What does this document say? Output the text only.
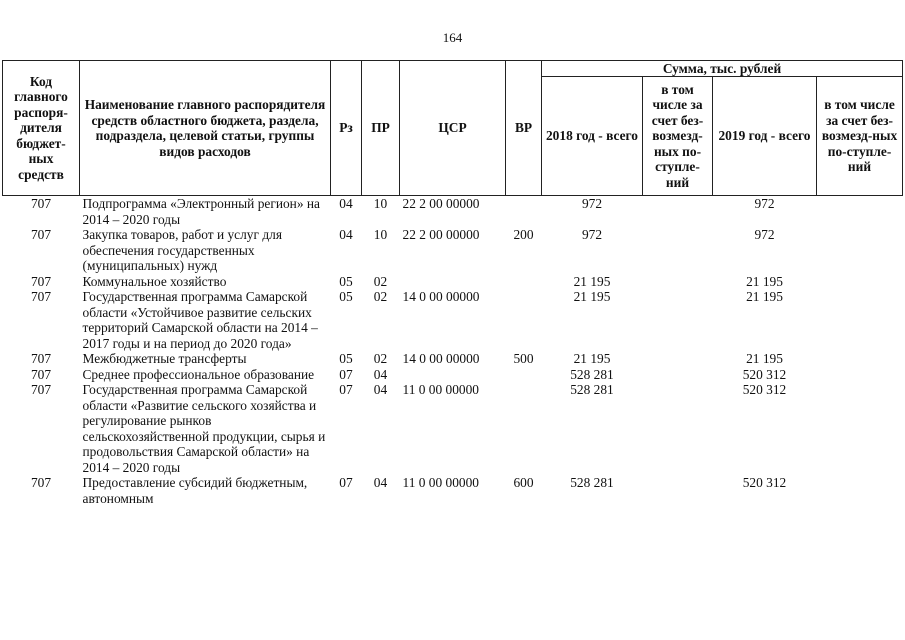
164
Код главного распоря-дителя бюджет-ных средств	Наименование главного распорядителя средств областного бюджета, раздела, подраздела, целевой статьи, группы видов расходов	Рз	ПР	ЦСР	ВР	Сумма, тыс. рублей			
						2018 год - всего	в том числе за счет без-возмезд-ных по-ступле-ний	2019 год - всего	в том числе за счет без-возмезд-ных по-ступле-ний
707	Подпрограмма «Электронный регион» на 2014 – 2020 годы	04	10	22 2 00 00000		972		972	
707	Закупка товаров, работ и услуг для обеспечения государственных (муниципальных) нужд	04	10	22 2 00 00000	200	972		972	
707	Коммунальное хозяйство	05	02			21 195		21 195	
707	Государственная программа Самарской области «Устойчивое развитие сельских территорий Самарской области на 2014 – 2017 годы и на период до 2020 года»	05	02	14 0 00 00000		21 195		21 195	
707	Межбюджетные трансферты	05	02	14 0 00 00000	500	21 195		21 195	
707	Среднее профессиональное образование	07	04			528 281		520 312	
707	Государственная программа Самарской области «Развитие сельского хозяйства и регулирование рынков сельскохозяйственной продукции, сырья и продовольствия Самарской области» на 2014 – 2020 годы	07	04	11 0 00 00000		528 281		520 312	
707	Предоставление субсидий бюджетным, автономным	07	04	11 0 00 00000	600	528 281		520 312	
